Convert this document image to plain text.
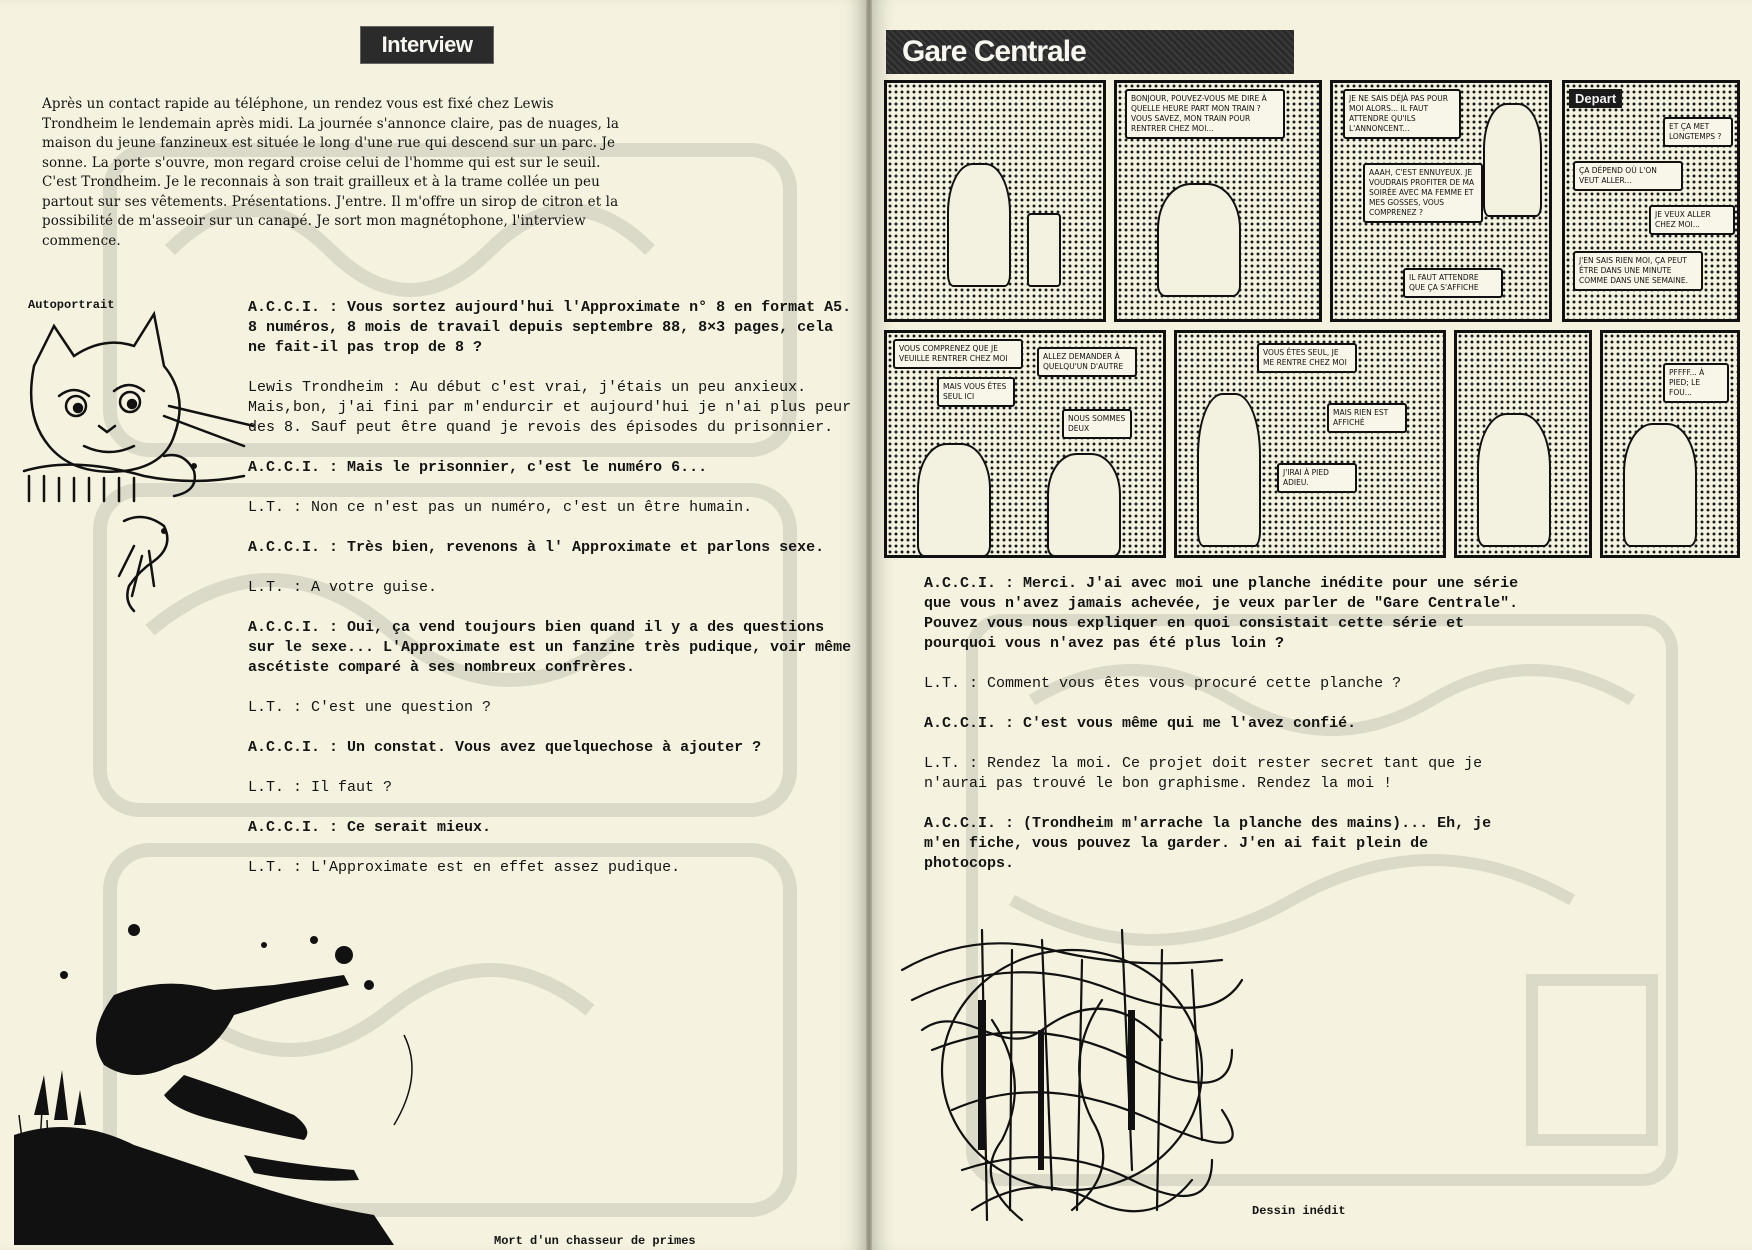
Interview
Après un contact rapide au téléphone, un rendez vous est fixé chez Lewis Trondheim le lendemain après midi. La journée s'annonce claire, pas de nuages, la maison du jeune fanzineux est située le long d'une rue qui descend sur un parc. Je sonne. La porte s'ouvre, mon regard croise celui de l'homme qui est sur le seuil. C'est Trondheim. Je le reconnais à son trait grailleux et à la trame collée un peu partout sur ses vêtements. Présentations. J'entre. Il m'offre un sirop de citron et la possibilité de m'asseoir sur un canapé. Je sort mon magnétophone, l'interview commence.
Autoportrait	A.C.C.I. : Vous sortez aujourd'hui l'Approximate n° 8 en format A5. 8 numéros, 8 mois de travail depuis septembre 88, 8×3 pages, cela ne fait-il pas trop de 8 ?

Lewis Trondheim : Au début c'est vrai, j'étais un peu anxieux. Mais,bon, j'ai fini par m'endurcir et aujourd'hui je n'ai plus peur des 8. Sauf peut être quand je revois des épisodes du prisonnier.

A.C.C.I. : Mais le prisonnier, c'est le numéro 6...

L.T. : Non ce n'est pas un numéro, c'est un être humain.

A.C.C.I. : Très bien, revenons à l' Approximate et parlons sexe.

L.T. : A votre guise.

A.C.C.I. : Oui, ça vend toujours bien quand il y a des questions sur le sexe... L'Approximate est un fanzine très pudique, voir même ascétiste comparé à ses nombreux confrères.

L.T. : C'est une question ?

A.C.C.I. : Un constat. Vous avez quelquechose à ajouter ?

L.T. : Il faut ?

A.C.C.I. : Ce serait mieux.

L.T. : L'Approximate est en effet assez pudique.

Mort d'un chasseur de primes
Gare Centrale
BONJOUR, POUVEZ-VOUS ME DIRE À QUELLE HEURE PART MON TRAIN ? VOUS SAVEZ, MON TRAIN POUR RENTRER CHEZ MOI...
JE NE SAIS DÉJÀ PAS POUR MOI ALORS... IL FAUT ATTENDRE QU'ILS L'ANNONCENT...
AAAH, C'EST ENNUYEUX. JE VOUDRAIS PROFITER DE MA SOIRÉE AVEC MA FEMME ET MES GOSSES, VOUS COMPRENEZ ?
IL FAUT ATTENDRE QUE ÇA S'AFFICHE
Depart
ET ÇA MET LONGTEMPS ?
ÇA DÉPEND OÙ L'ON VEUT ALLER...
JE VEUX ALLER CHEZ MOI...
J'EN SAIS RIEN MOI, ÇA PEUT ÊTRE DANS UNE MINUTE COMME DANS UNE SEMAINE.
VOUS COMPRENEZ QUE JE VEUILLE RENTRER CHEZ MOI
MAIS VOUS ÊTES SEUL ICI
ALLEZ DEMANDER À QUELQU'UN D'AUTRE
NOUS SOMMES DEUX
VOUS ÊTES SEUL, JE ME RENTRE CHEZ MOI
MAIS RIEN EST AFFICHÉ
J'IRAI À PIED ADIEU.
PFFFF... À PIED; LE FOU...

A.C.C.I. : Merci. J'ai avec moi une planche inédite pour une série que vous n'avez jamais achevée, je veux parler de "Gare Centrale". Pouvez vous nous expliquer en quoi consistait cette série et pourquoi vous n'avez pas été plus loin ?

L.T. : Comment vous êtes vous procuré cette planche ?

A.C.C.I. : C'est vous même qui me l'avez confié.

L.T. : Rendez la moi. Ce projet doit rester secret tant que je n'aurai pas trouvé le bon graphisme. Rendez la moi !

A.C.C.I. : (Trondheim m'arrache la planche des mains)... Eh, je m'en fiche, vous pouvez la garder. J'en ai fait plein de photocops.

Dessin inédit
